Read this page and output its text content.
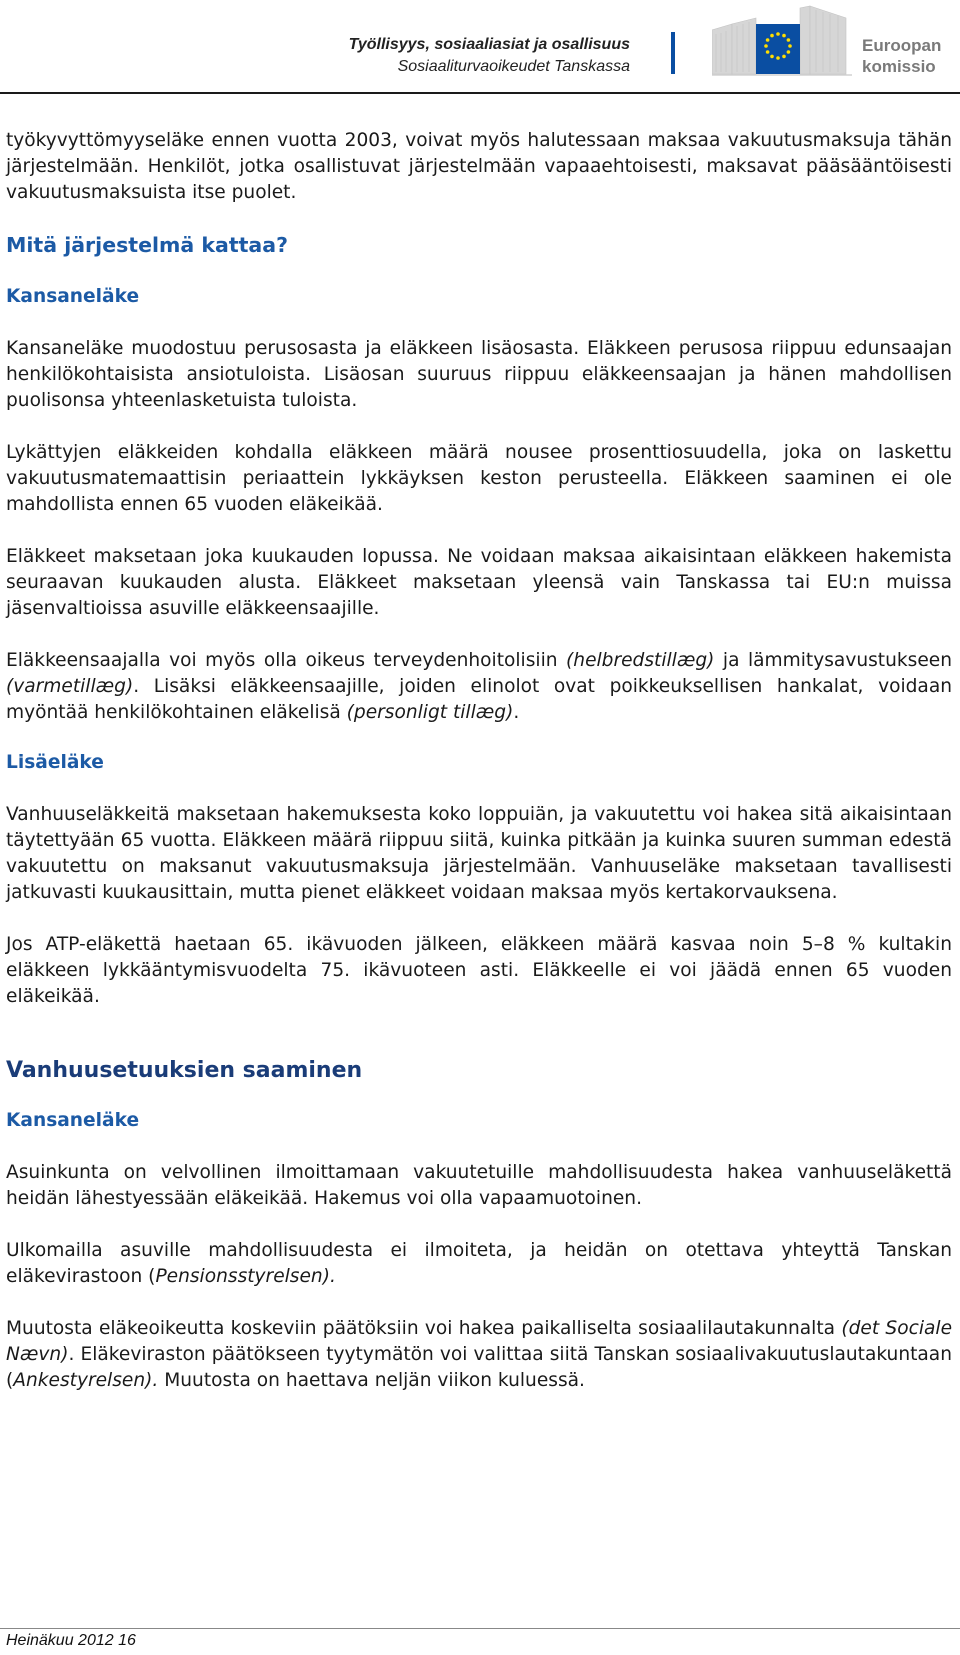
Työllisyys, sosiaaliasiat ja osallisuus
Sosiaaliturvaoikeudet Tanskassa
Euroopan
komissio

työkyvyttömyyseläke ennen vuotta 2003, voivat myös halutessaan maksaa vakuutusmaksuja tähän järjestelmään. Henkilöt, jotka osallistuvat järjestelmään vapaaehtoisesti, maksavat pääsääntöisesti vakuutusmaksuista itse puolet.

Mitä järjestelmä kattaa?
Kansaneläke

Kansaneläke muodostuu perusosasta ja eläkkeen lisäosasta. Eläkkeen perusosa riippuu edunsaajan henkilökohtaisista ansiotuloista. Lisäosan suuruus riippuu eläkkeensaajan ja hänen mahdollisen puolisonsa yhteenlasketuista tuloista.

Lykättyjen eläkkeiden kohdalla eläkkeen määrä nousee prosenttiosuudella, joka on laskettu vakuutusmatemaattisin periaattein lykkäyksen keston perusteella. Eläkkeen saaminen ei ole mahdollista ennen 65 vuoden eläkeikää.

Eläkkeet maksetaan joka kuukauden lopussa. Ne voidaan maksaa aikaisintaan eläkkeen hakemista seuraavan kuukauden alusta. Eläkkeet maksetaan yleensä vain Tanskassa tai EU:n muissa jäsenvaltioissa asuville eläkkeensaajille.

Eläkkeensaajalla voi myös olla oikeus terveydenhoitolisiin (helbredstillæg) ja lämmitysavustukseen (varmetillæg). Lisäksi eläkkeensaajille, joiden elinolot ovat poikkeuksellisen hankalat, voidaan myöntää henkilökohtainen eläkelisä (personligt tillæg).

Lisäeläke

Vanhuuseläkkeitä maksetaan hakemuksesta koko loppuiän, ja vakuutettu voi hakea sitä aikaisintaan täytettyään 65 vuotta. Eläkkeen määrä riippuu siitä, kuinka pitkään ja kuinka suuren summan edestä vakuutettu on maksanut vakuutusmaksuja järjestelmään. Vanhuuseläke maksetaan tavallisesti jatkuvasti kuukausittain, mutta pienet eläkkeet voidaan maksaa myös kertakorvauksena.

Jos ATP-eläkettä haetaan 65. ikävuoden jälkeen, eläkkeen määrä kasvaa noin 5–8 % kultakin eläkkeen lykkääntymisvuodelta 75. ikävuoteen asti. Eläkkeelle ei voi jäädä ennen 65 vuoden eläkeikää.

Vanhuusetuuksien saaminen
Kansaneläke

Asuinkunta on velvollinen ilmoittamaan vakuutetuille mahdollisuudesta hakea vanhuuseläkettä heidän lähestyessään eläkeikää. Hakemus voi olla vapaamuotoinen.

Ulkomailla asuville mahdollisuudesta ei ilmoiteta, ja heidän on otettava yhteyttä Tanskan eläkevirastoon (Pensionsstyrelsen).

Muutosta eläkeoikeutta koskeviin päätöksiin voi hakea paikalliselta sosiaalilautakunnalta (det Sociale Nævn). Eläkeviraston päätökseen tyytymätön voi valittaa siitä Tanskan sosiaalivakuutuslautakuntaan (Ankestyrelsen). Muutosta on haettava neljän viikon kuluessä.

Heinäkuu 2012 16
